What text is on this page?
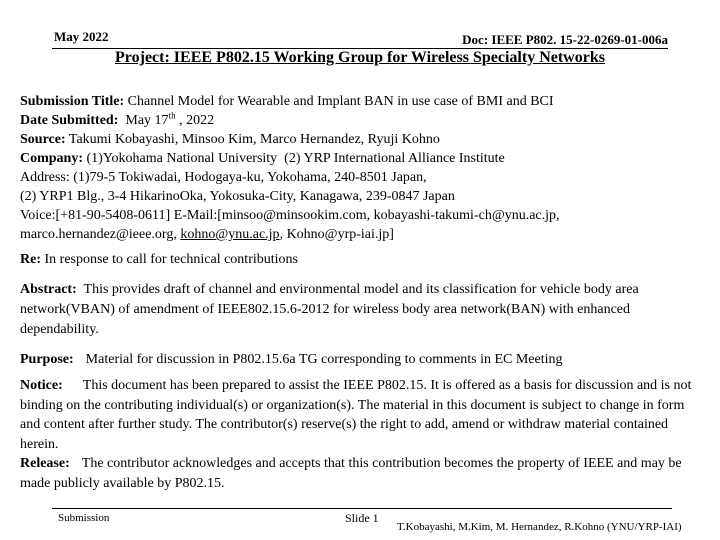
May 2022	Doc: IEEE P802. 15-22-0269-01-006a
Project: IEEE P802.15 Working Group for Wireless Specialty Networks
Submission Title: Channel Model for Wearable and Implant BAN in use case of BMI and BCI
Date Submitted: May 17th , 2022
Source: Takumi Kobayashi, Minsoo Kim, Marco Hernandez, Ryuji Kohno
Company: (1)Yokohama National University  (2) YRP International Alliance Institute
Address: (1)79-5 Tokiwadai, Hodogaya-ku, Yokohama, 240-8501 Japan,
(2) YRP1 Blg., 3-4 HikarinoOka, Yokosuka-City, Kanagawa, 239-0847 Japan
Voice:[+81-90-5408-0611] E-Mail:[minsoo@minsookim.com, kobayashi-takumi-ch@ynu.ac.jp,
marco.hernandez@ieee.org, kohno@ynu.ac.jp, Kohno@yrp-iai.jp]
Re: In response to call for technical contributions
Abstract: This provides draft of channel and environmental model and its classification for vehicle body area network(VBAN) of amendment of IEEE802.15.6-2012 for wireless body area network(BAN) with enhanced dependability.
Purpose: Material for discussion in P802.15.6a TG corresponding to comments in EC Meeting
Notice: This document has been prepared to assist the IEEE P802.15. It is offered as a basis for discussion and is not binding on the contributing individual(s) or organization(s). The material in this document is subject to change in form and content after further study. The contributor(s) reserve(s) the right to add, amend or withdraw material contained herein.
Release: The contributor acknowledges and accepts that this contribution becomes the property of IEEE and may be made publicly available by P802.15.
Submission	Slide 1
T.Kobayashi, M.Kim, M. Hernandez, R.Kohno (YNU/YRP-IAI)
